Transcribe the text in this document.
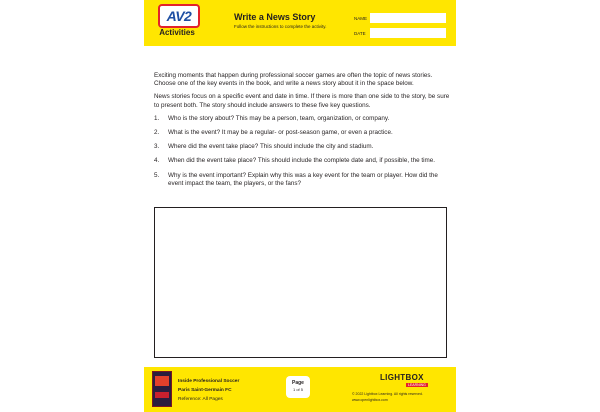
AV2
Activities
Write a News Story
Follow the instructions to complete the activity.
NAME
DATE

Exciting moments that happen during professional soccer games are often the topic of news stories. Choose one of the key events in the book, and write a news story about it in the space below.

News stories focus on a specific event and date in time. If there is more than one side to the story, be sure to present both. The story should include answers to these five key questions.

1.	Who is the story about? This may be a person, team, organization, or company.
2.	What is the event? It may be a regular- or post-season game, or even a practice.
3.	Where did the event take place? This should include the city and stadium.
4.	When did the event take place? This should include the complete date and, if possible, the time.
5.	Why is the event important? Explain why this was a key event for the team or player. How did the event impact the team, the players, or the fans?
Inside Professional Soccer
Paris Saint-Germain FC
Reference: All Pages
Page
1 of 5
LIGHTBOX
LEARNING
© 2022 Lightbox Learning. All rights reserved.
www.openlightbox.com
